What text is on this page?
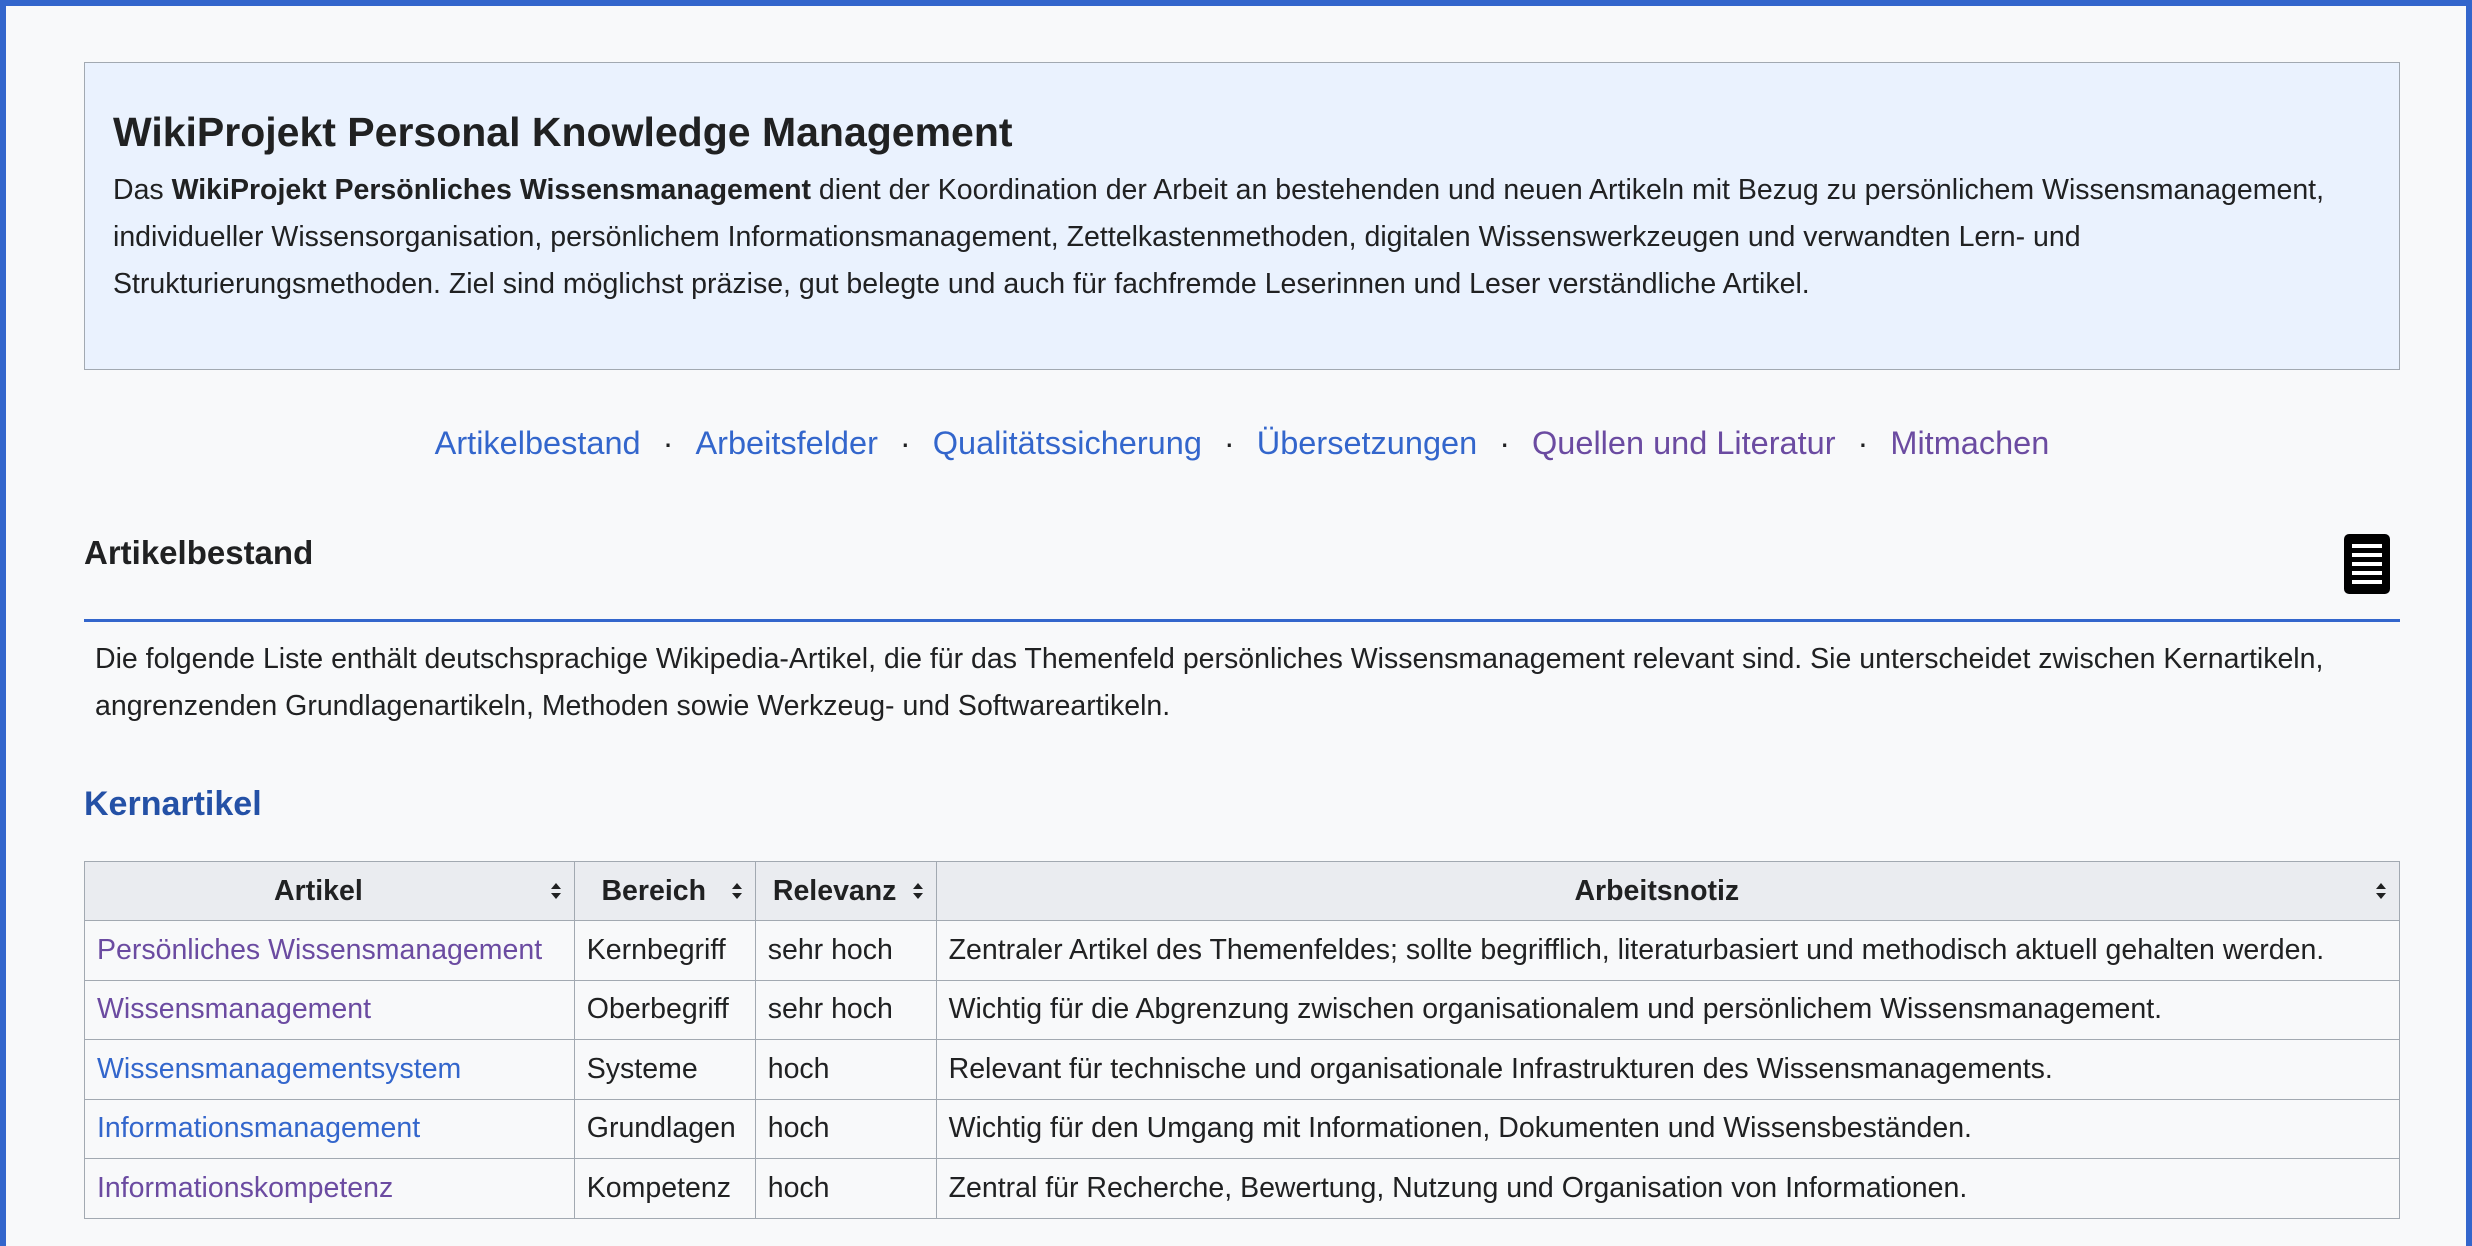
WikiProjekt Personal Knowledge Management

Das WikiProjekt Persönliches Wissensmanagement dient der Koordination der Arbeit an bestehenden und neuen Artikeln mit Bezug zu persönlichem Wissensmanagement, individueller Wissensorganisation, persönlichem Informationsmanagement, Zettelkastenmethoden, digitalen Wissenswerkzeugen und verwandten Lern- und Strukturierungsmethoden. Ziel sind möglichst präzise, gut belegte und auch für fachfremde Leserinnen und Leser verständliche Artikel.

Artikelbestand · Arbeitsfelder · Qualitätssicherung · Übersetzungen · Quellen und Literatur · Mitmachen
Artikelbestand

Die folgende Liste enthält deutschsprachige Wikipedia-Artikel, die für das Themenfeld persönliches Wissensmanagement relevant sind. Sie unterscheidet zwischen Kernartikeln, angrenzenden Grundlagenartikeln, Methoden sowie Werkzeug- und Softwareartikeln.

Kernartikel
Artikel	Bereich	Relevanz	Arbeitsnotiz

Persönliches Wissensmanagement	Kernbegriff	sehr hoch	Zentraler Artikel des Themenfeldes; sollte begrifflich, literaturbasiert und methodisch aktuell gehalten werden.
Wissensmanagement	Oberbegriff	sehr hoch	Wichtig für die Abgrenzung zwischen organisationalem und persönlichem Wissensmanagement.
Wissensmanagementsystem	Systeme	hoch	Relevant für technische und organisationale Infrastrukturen des Wissensmanagements.
Informationsmanagement	Grundlagen	hoch	Wichtig für den Umgang mit Informationen, Dokumenten und Wissensbeständen.
Informationskompetenz	Kompetenz	hoch	Zentral für Recherche, Bewertung, Nutzung und Organisation von Informationen.
